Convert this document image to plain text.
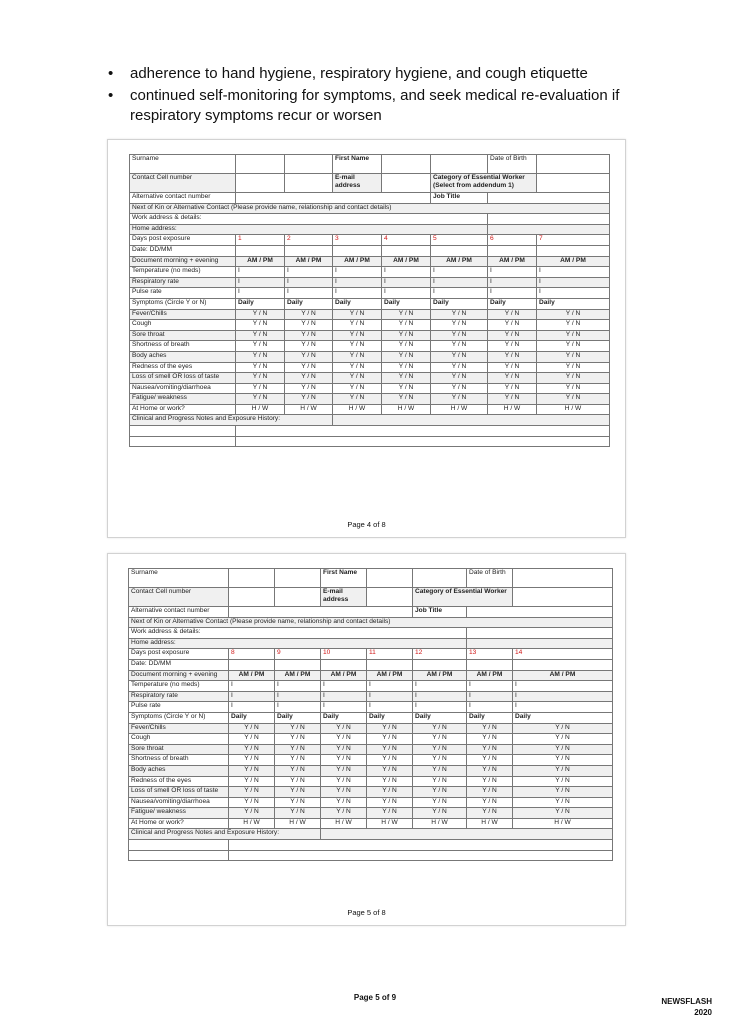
•	adherence to hand hygiene, respiratory hygiene, and cough etiquette
•	continued self-monitoring for symptoms, and seek medical re-evaluation if respiratory symptoms recur or worsen
Surname			First Name			Date of Birth	
Contact Cell number			E-mail address		Category of Essential Worker (Select from addendum 1)		
Alternative contact number					Job Title		
Next of Kin or Alternative Contact (Please provide name, relationship and contact details)							
Work address & details:							
Home address:							
Days post exposure	1	2	3	4	5	6	7
Date: DD/MM							
Document morning + evening	AM / PM	AM / PM	AM / PM	AM / PM	AM / PM	AM / PM	AM / PM
Temperature (no meds)	I	I	I	I	I	I	I
Respiratory rate	I	I	I	I	I	I	I
Pulse rate	I	I	I	I	I	I	I
Symptoms (Circle Y or N)	Daily	Daily	Daily	Daily	Daily	Daily	Daily
Fever/Chills	Y / N	Y / N	Y / N	Y / N	Y / N	Y / N	Y / N
Cough	Y / N	Y / N	Y / N	Y / N	Y / N	Y / N	Y / N
Sore throat	Y / N	Y / N	Y / N	Y / N	Y / N	Y / N	Y / N
Shortness of breath	Y / N	Y / N	Y / N	Y / N	Y / N	Y / N	Y / N
Body aches	Y / N	Y / N	Y / N	Y / N	Y / N	Y / N	Y / N
Redness of the eyes	Y / N	Y / N	Y / N	Y / N	Y / N	Y / N	Y / N
Loss of smell OR loss of taste	Y / N	Y / N	Y / N	Y / N	Y / N	Y / N	Y / N
Nausea/vomiting/diarrhoea	Y / N	Y / N	Y / N	Y / N	Y / N	Y / N	Y / N
Fatigue/ weakness	Y / N	Y / N	Y / N	Y / N	Y / N	Y / N	Y / N
At Home or work?	H / W	H / W	H / W	H / W	H / W	H / W	H / W
Clinical and Progress Notes and Exposure History:							

Page 4 of 8
Surname			First Name			Date of Birth	
Contact Cell number			E-mail address		Category of Essential Worker		
Alternative contact number					Job Title		
Next of Kin or Alternative Contact (Please provide name, relationship and contact details)							
Work address & details:							
Home address:							
Days post exposure	8	9	10	11	12	13	14
Date: DD/MM							
Document morning + evening	AM / PM	AM / PM	AM / PM	AM / PM	AM / PM	AM / PM	AM / PM
Temperature (no meds)	I	I	I	I	I	I	I
Respiratory rate	I	I	I	I	I	I	I
Pulse rate	I	I	I	I	I	I	I
Symptoms (Circle Y or N)	Daily	Daily	Daily	Daily	Daily	Daily	Daily
Fever/Chills	Y / N	Y / N	Y / N	Y / N	Y / N	Y / N	Y / N
Cough	Y / N	Y / N	Y / N	Y / N	Y / N	Y / N	Y / N
Sore throat	Y / N	Y / N	Y / N	Y / N	Y / N	Y / N	Y / N
Shortness of breath	Y / N	Y / N	Y / N	Y / N	Y / N	Y / N	Y / N
Body aches	Y / N	Y / N	Y / N	Y / N	Y / N	Y / N	Y / N
Redness of the eyes	Y / N	Y / N	Y / N	Y / N	Y / N	Y / N	Y / N
Loss of smell OR loss of taste	Y / N	Y / N	Y / N	Y / N	Y / N	Y / N	Y / N
Nausea/vomiting/diarrhoea	Y / N	Y / N	Y / N	Y / N	Y / N	Y / N	Y / N
Fatigue/ weakness	Y / N	Y / N	Y / N	Y / N	Y / N	Y / N	Y / N
At Home or work?	H / W	H / W	H / W	H / W	H / W	H / W	H / W
Clinical and Progress Notes and Exposure History:							

Page 5 of 8
Page 5 of 9	NEWSFLASH
2020
